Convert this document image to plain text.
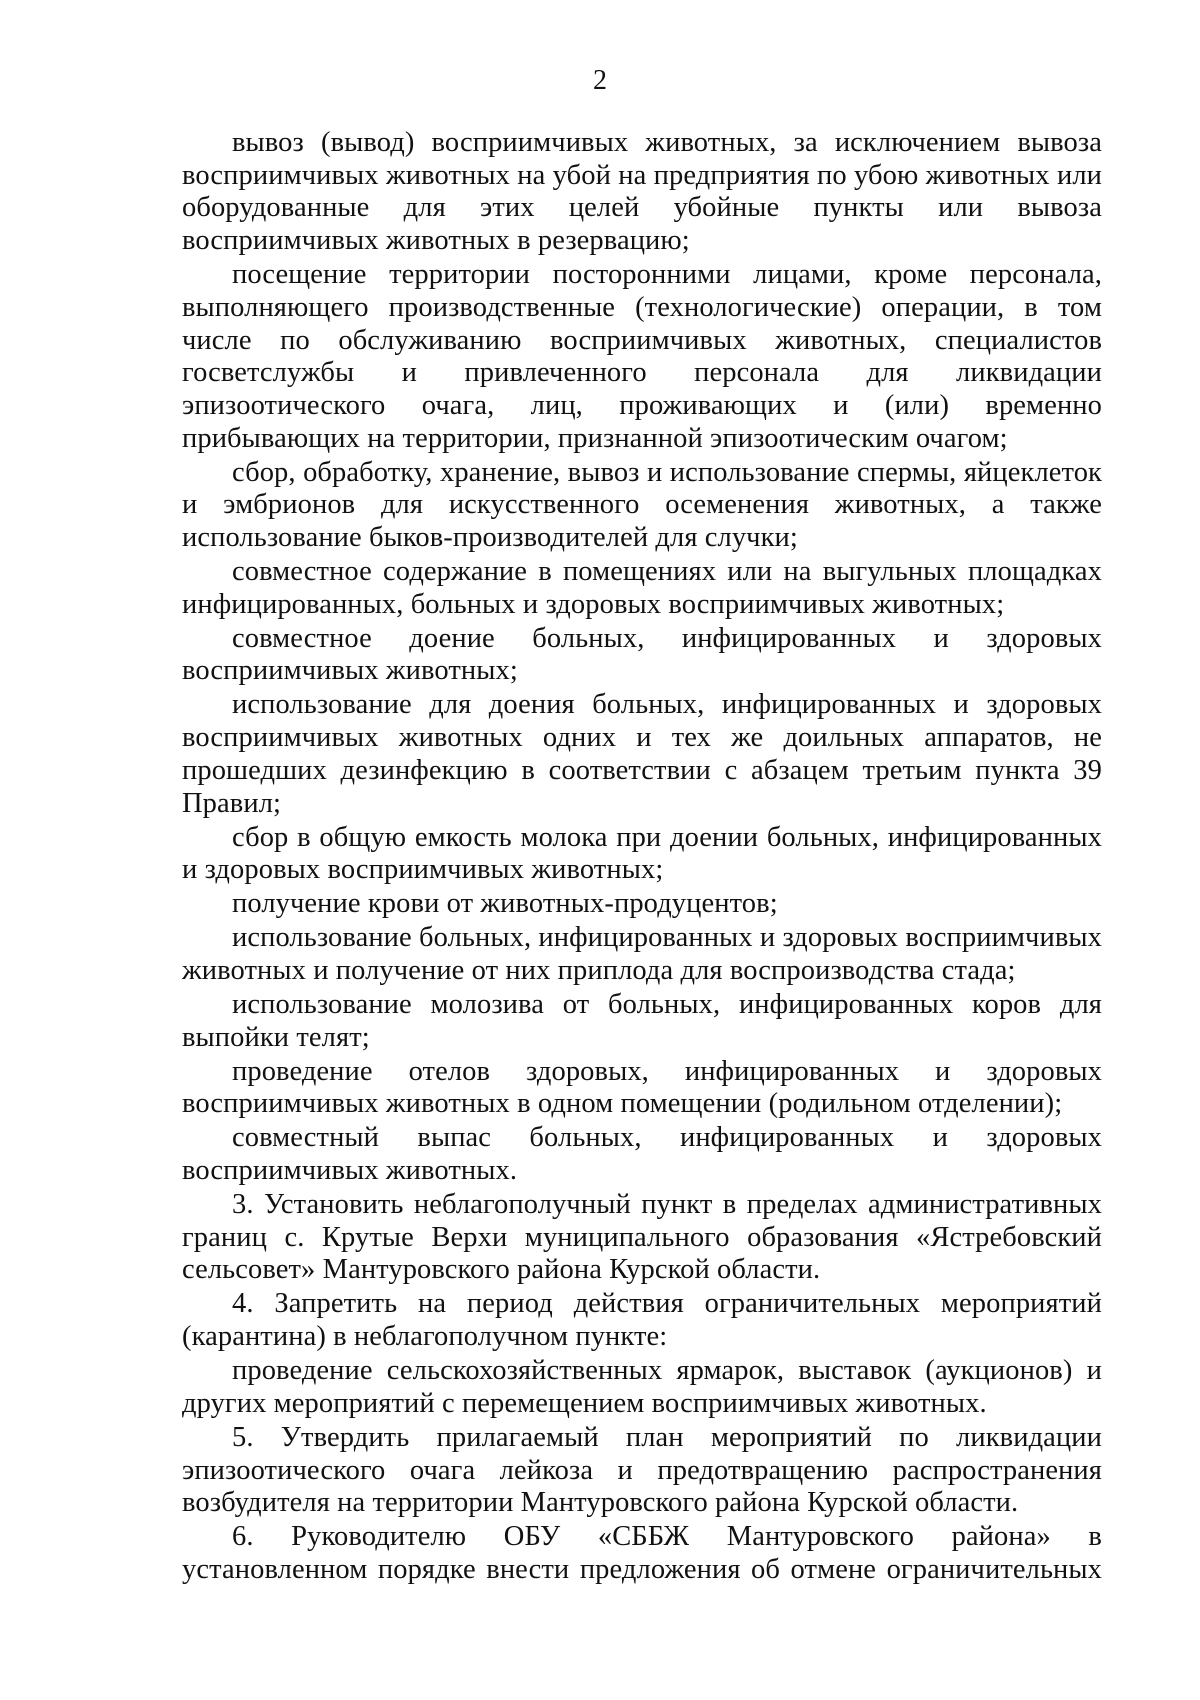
2

вывоз (вывод) восприимчивых животных, за исключением вывоза восприимчивых животных на убой на предприятия по убою животных или оборудованные для этих целей убойные пункты или вывоза восприимчивых животных в резервацию;

посещение территории посторонними лицами, кроме персонала, выполняющего производственные (технологические) операции, в том числе по обслуживанию восприимчивых животных, специалистов госветслужбы и привлеченного персонала для ликвидации эпизоотического очага, лиц, проживающих и (или) временно прибывающих на территории, признанной эпизоотическим очагом;

сбор, обработку, хранение, вывоз и использование спермы, яйцеклеток и эмбрионов для искусственного осеменения животных, а также использование быков-производителей для случки;

совместное содержание в помещениях или на выгульных площадках инфицированных, больных и здоровых восприимчивых животных;

совместное доение больных, инфицированных и здоровых восприимчивых животных;

использование для доения больных, инфицированных и здоровых восприимчивых животных одних и тех же доильных аппаратов, не прошедших дезинфекцию в соответствии с абзацем третьим пункта 39 Правил;

сбор в общую емкость молока при доении больных, инфицированных и здоровых восприимчивых животных;

получение крови от животных-продуцентов;

использование больных, инфицированных и здоровых восприимчивых животных и получение от них приплода для воспроизводства стада;

использование молозива от больных, инфицированных коров для выпойки телят;

проведение отелов здоровых, инфицированных и здоровых восприимчивых животных в одном помещении (родильном отделении);

совместный выпас больных, инфицированных и здоровых восприимчивых животных.

3. Установить неблагополучный пункт в пределах административных границ с. Крутые Верхи муниципального образования «Ястребовский сельсовет» Мантуровского района Курской области.

4. Запретить на период действия ограничительных мероприятий (карантина) в неблагополучном пункте:

проведение сельскохозяйственных ярмарок, выставок (аукционов) и других мероприятий с перемещением восприимчивых животных.

5. Утвердить прилагаемый план мероприятий по ликвидации эпизоотического очага лейкоза и предотвращению распространения возбудителя на территории Мантуровского района Курской области.

6. Руководителю ОБУ «СББЖ Мантуровского района» в установленном порядке внести предложения об отмене ограничительных
